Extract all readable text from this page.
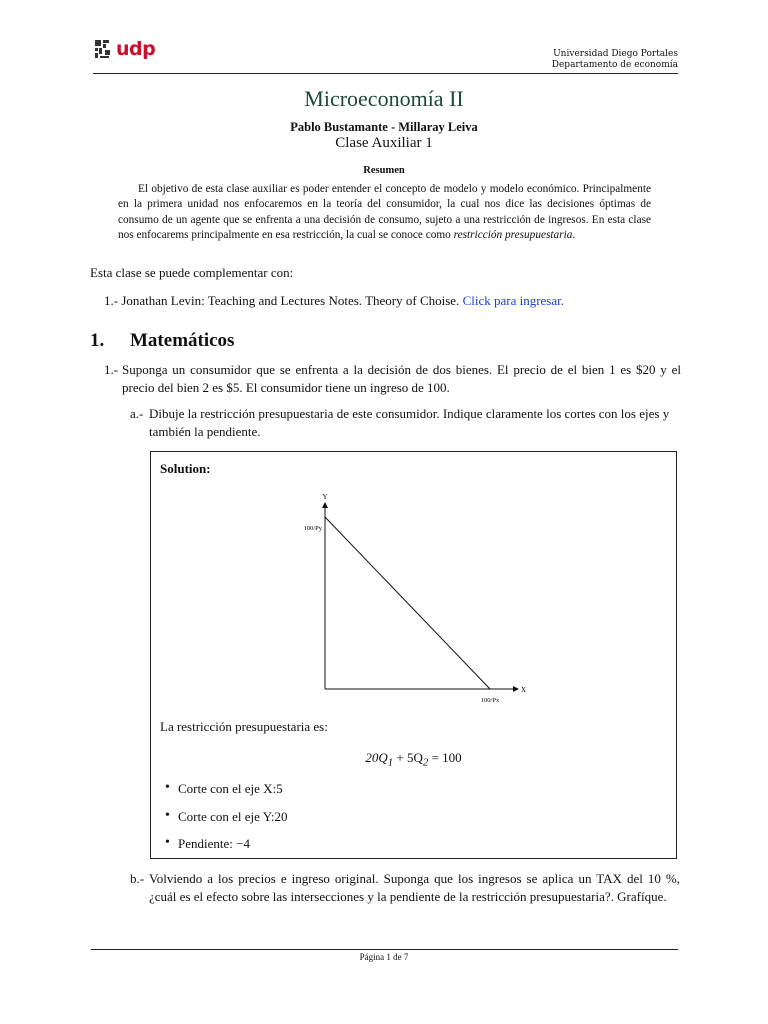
udp	Universidad Diego Portales
Departamento de economía
Microeconomía II
Pablo Bustamante - Millaray Leiva
Clase Auxiliar 1
Resumen

El objetivo de esta clase auxiliar es poder entender el concepto de modelo y modelo económico. Principalmente en la primera unidad nos enfocaremos en la teoría del consumidor, la cual nos dice las decisiones óptimas de consumo de un agente que se enfrenta a una decisión de consumo, sujeto a una restricción de ingresos. En esta clase nos enfocarems principalmente en esa restricción, la cual se conoce como restricción presupuestaria.

Esta clase se puede complementar con:
1.- Jonathan Levin: Teaching and Lectures Notes. Theory of Choise. Click para ingresar.
1. Matemáticos
1.- Suponga un consumidor que se enfrenta a la decisión de dos bienes. El precio de el bien 1 es $20 y el precio del bien 2 es $5. El consumidor tiene un ingreso de 100.
a.- Dibuje la restricción presupuestaria de este consumidor. Indique claramente los cortes con los ejes y también la pendiente.
Solution:
Y
X
100/Py
100/Px
La restricción presupuestaria es:
$20Q_1 + 5Q_2 = 100$
• Corte con el eje X:5
• Corte con el eje Y:20
• Pendiente: −4
b.- Volviendo a los precios e ingreso original. Suponga que los ingresos se aplica un TAX del 10 %, ¿cuál es el efecto sobre las intersecciones y la pendiente de la restricción presupuestaria?. Grafíque.
Página 1 de 7
